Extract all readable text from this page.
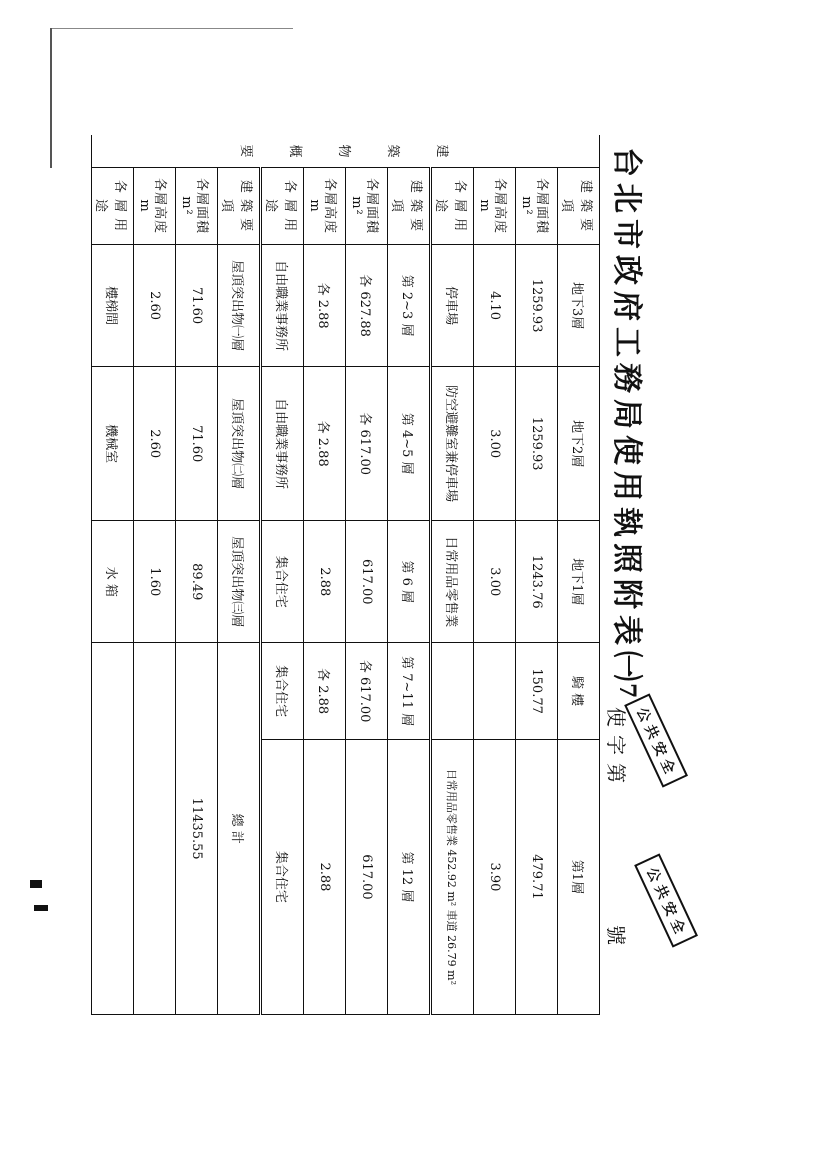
台北市政府工務局使用執照附表㈠
7
使字第
號
建

築

物

概

要	建 築 要 項	地下3層	地下2層	地下1層	騎 樓	第1層
	各層面積m²	1259.93	1259.93	1243.76	150.77	479.71
	各層高度 m	4.10	3.00	3.00		3.90
	各 層 用 途	停車場	防空避難室兼停車場	日常用品零售業		日常用品零售業 452.92 m² 車道 26.79 m²
	建 築 要 項	第 2~3 層	第 4~5 層	第 6 層	第 7~11 層	第 12 層
	各層面積m²	各 627.88	各 617.00	617.00	各 617.00	617.00
	各層高度 m	各 2.88	各 2.88	2.88	各 2.88	2.88
	各 層 用 途	自由職業事務所	自由職業事務所	集合住宅	集合住宅	集合住宅
	建 築 要 項	屋頂突出物㈠層	屋頂突出物㈡層	屋頂突出物㈢層	總 計	
	各層面積m²	71.60	71.60	89.49	11435.55	
	各層高度 m	2.60	2.60	1.60		
	各 層 用 途	樓梯間	機械室	水 箱		
公 共 安 全
公 共 安 全
